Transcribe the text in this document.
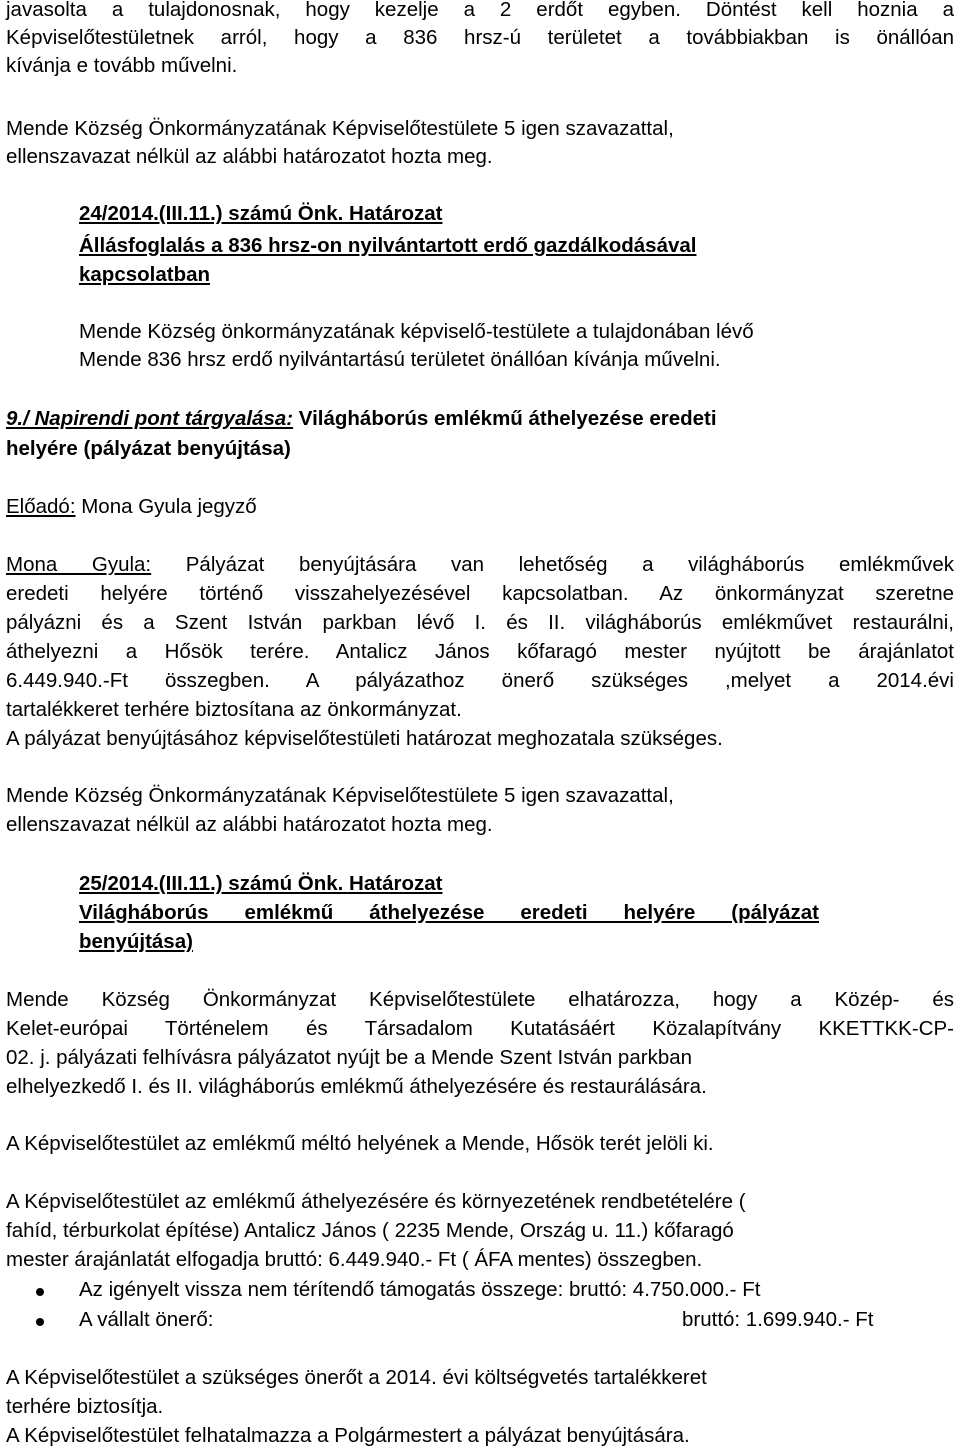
javasolta a tulajdonosnak, hogy kezelje a 2 erdőt egyben. Döntést kell hoznia a
Képviselőtestületnek arról, hogy a 836 hrsz-ú területet a továbbiakban is önállóan
kívánja e tovább művelni.
Mende Község Önkormányzatának Képviselőtestülete 5 igen szavazattal,
ellenszavazat nélkül az alábbi határozatot hozta meg.
24/2014.(III.11.) számú Önk. Határozat
Állásfoglalás a 836 hrsz-on nyilvántartott erdő gazdálkodásával
kapcsolatban
Mende Község önkormányzatának képviselő-testülete a tulajdonában lévő
Mende 836 hrsz erdő nyilvántartású területet önállóan kívánja művelni.
9./ Napirendi pont tárgyalása: Világháborús emlékmű áthelyezése eredeti
helyére (pályázat benyújtása)
Előadó: Mona Gyula jegyző
Mona Gyula: Pályázat benyújtására van lehetőség a világháborús emlékművek
eredeti helyére történő visszahelyezésével kapcsolatban. Az önkormányzat szeretne
pályázni és a Szent István parkban lévő I. és II. világháborús emlékművet restaurálni,
áthelyezni a Hősök terére. Antalicz János kőfaragó mester nyújtott be árajánlatot
6.449.940.-Ft összegben. A pályázathoz önerő szükséges ,melyet a 2014.évi
tartalékkeret terhére biztosítana az önkormányzat.
A pályázat benyújtásához képviselőtestületi határozat meghozatala szükséges.
Mende Község Önkormányzatának Képviselőtestülete 5 igen szavazattal,
ellenszavazat nélkül az alábbi határozatot hozta meg.
25/2014.(III.11.) számú Önk. Határozat
Világháborús emlékmű áthelyezése eredeti helyére (pályázat
benyújtása)
Mende Község Önkormányzat Képviselőtestülete elhatározza, hogy a Közép- és
Kelet-európai Történelem és Társadalom Kutatásáért Közalapítvány KKETTKK-CP-
02. j. pályázati felhívásra pályázatot nyújt be a Mende Szent István parkban
elhelyezkedő I. és II. világháborús emlékmű áthelyezésére és restaurálására.
A Képviselőtestület az emlékmű méltó helyének a Mende, Hősök terét jelöli ki.
A Képviselőtestület az emlékmű áthelyezésére és környezetének rendbetételére (
fahíd, térburkolat építése) Antalicz János ( 2235 Mende, Ország u. 11.) kőfaragó
mester árajánlatát elfogadja bruttó: 6.449.940.- Ft ( ÁFA mentes) összegben.
Az igényelt vissza nem térítendő támogatás összege: bruttó: 4.750.000.- Ft
A vállalt önerő:	bruttó: 1.699.940.- Ft
A Képviselőtestület a szükséges önerőt a 2014. évi költségvetés tartalékkeret
terhére biztosítja.
A Képviselőtestület felhatalmazza a Polgármestert a pályázat benyújtására.
